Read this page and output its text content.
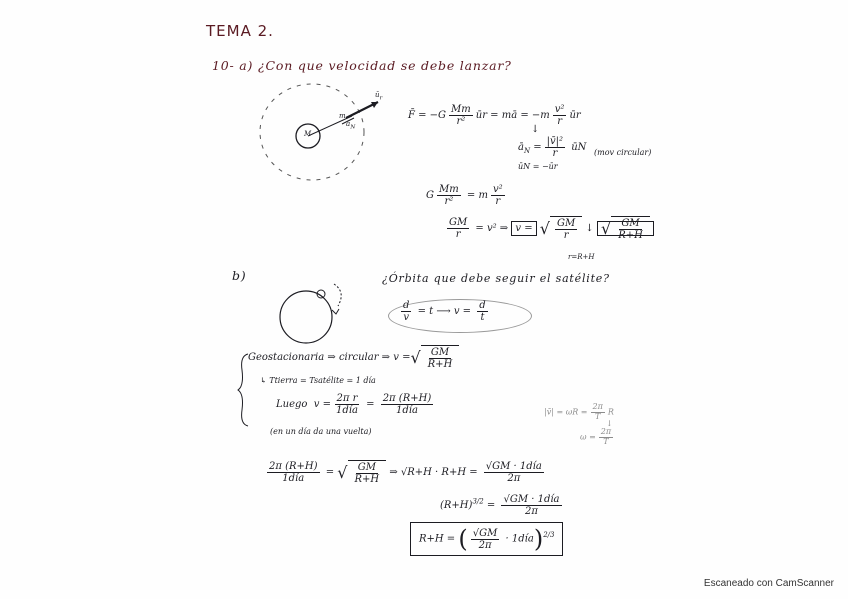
TEMA 2.
10- a) ¿Con que velocidad se debe lanzar?
$ū_r$
m
M
$ā_N$
F̄ = $-G \frac{Mm}{\text{r²}}$ ūr = mā = $-m \frac{\text{v²}}{r}$ ūr
↓
$ā_N = \frac{\text{|v̄|²}}{r}$ ūN
ūN = −ūr
(mov circular)
G $\frac{Mm}{\text{r²}} = m \frac{\text{v²}}{r}$
$\frac{GM}{r} = v^2$ ⇒ v = √ $\frac{GM}{r}$ ↓ √ $\frac{GM}{R+H}$
r=R+H
b)	¿Órbita que debe seguir el satélite?
$\frac{d}{v} = t$ ⟶ $v = \frac{d}{t}$
Geostacionaria ⇒ circular ⇒ v = √ $\frac{GM}{R+H}$
↳ Ttierra = Tsatélite = 1 día
Luego $v = \frac{\text{2π r}}{\text{1día}} = \frac{2\pi (R+H)}{\text{1día}}$
(en un día da una vuelta)
|v̄| = $\omega R = \frac{2\pi}{T}$ R
↓
$\omega = \frac{2\pi}{T}$
$\frac{2\pi (R+H)}{\text{1día}}$ = √ $\frac{GM}{R+H}$ ⇒ $√R+H \cdot R+H = \frac{\text{√GM · 1día}}{2\pi}$
$(R+H)^{3/2} = \frac{\text{√GM · 1día}}{2\pi}$
R+H = ( $\frac{√GM}{2\pi}$ · 1día)$^{2/3}$
Escaneado con CamScanner
